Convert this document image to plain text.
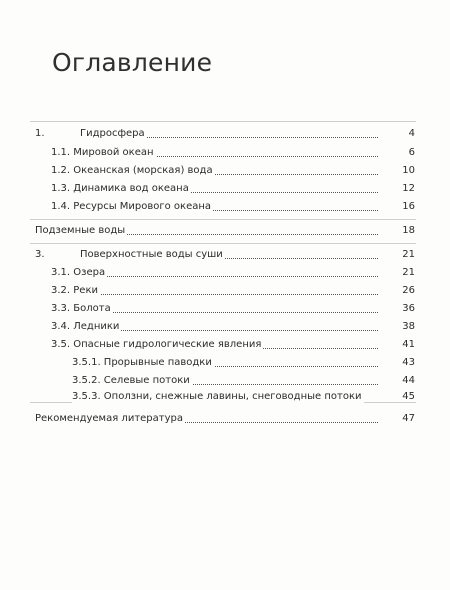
Оглавление
1.	Гидросфера	4
1.1. Мировой океан	6
1.2. Океанская (морская) вода	10
1.3. Динамика вод океана	12
1.4. Ресурсы Мирового океана	16
Подземные воды	18
3.	Поверхностные воды суши	21
3.1. Озера	21
3.2. Реки	26
3.3. Болота	36
3.4. Ледники	38
3.5. Опасные гидрологические явления	41
3.5.1. Прорывные паводки	43
3.5.2. Селевые потоки	44
3.5.3. Оползни, снежные лавины, снеговодные потоки	45
Рекомендуемая литература	47
